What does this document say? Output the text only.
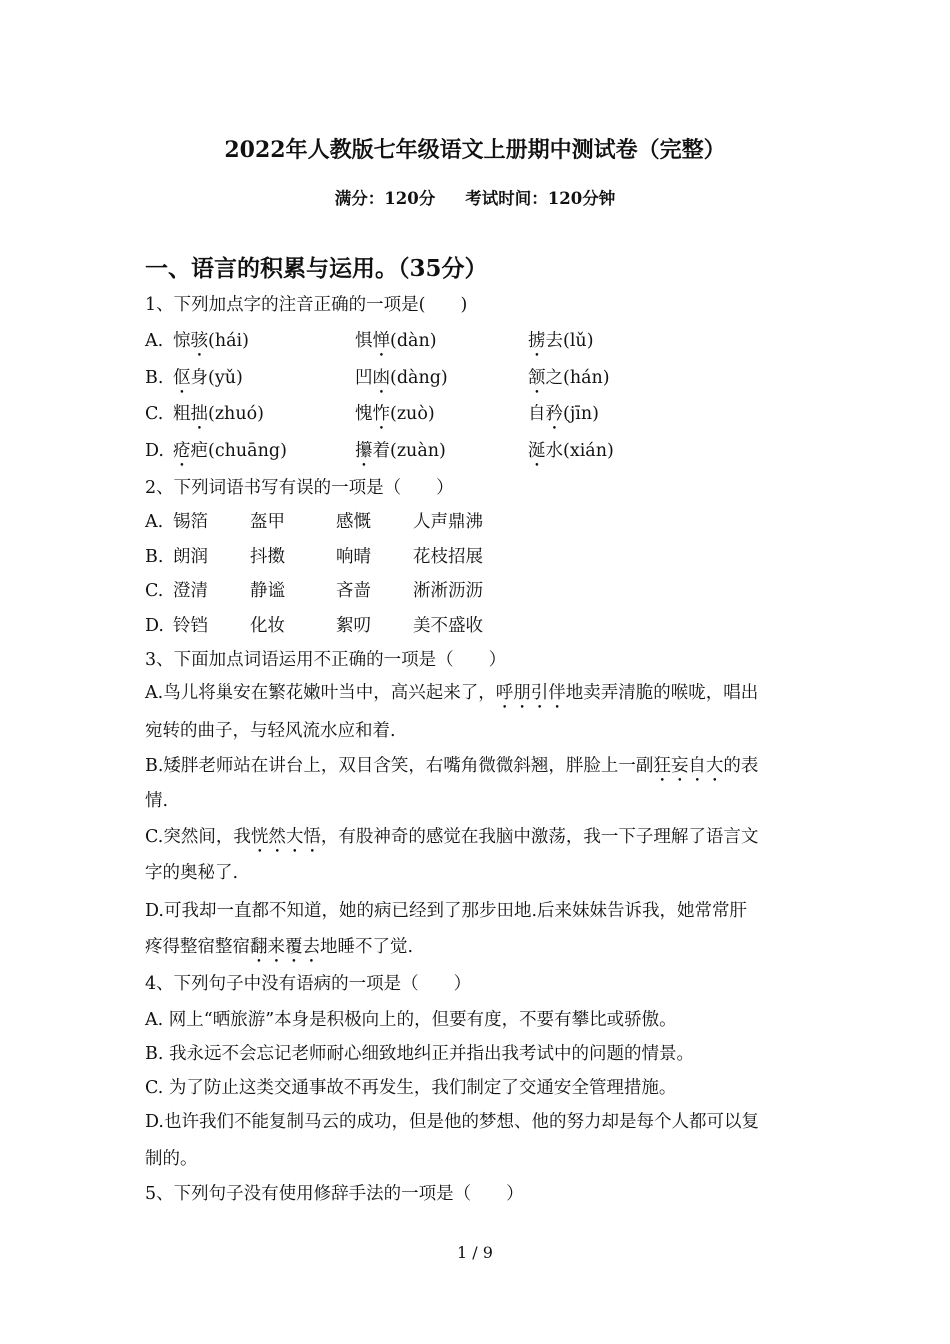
2022年人教版七年级语文上册期中测试卷（完整）
满分：120分 考试时间：120分钟
一、语言的积累与运用。（35分）
1、下列加点字的注音正确的一项是(　　)
A. 惊骇(hái)	惧惮(dàn)	掳去(lǔ)
B. 伛身(yǔ)	凹凼(dàng)	颔之(hán)
C. 粗拙(zhuó)	愧怍(zuò)	自矜(jīn)
D. 疮疤(chuāng)	攥着(zuàn)	涎水(xián)
2、下列词语书写有误的一项是（　　）
A. 锡箔 盔甲	感慨 人声鼎沸
B. 朗润 抖擞	响晴 花枝招展
C. 澄清 静谧	吝啬 淅淅沥沥
D. 铃铛 化妆	絮叨 美不盛收
3、下面加点词语运用不正确的一项是（　　）
A.鸟儿将巢安在繁花嫩叶当中，高兴起来了，呼朋引伴地卖弄清脆的喉咙，唱出
宛转的曲子，与轻风流水应和着.
B.矮胖老师站在讲台上，双目含笑，右嘴角微微斜翘，胖脸上一副狂妄自大的表
情.
C.突然间，我恍然大悟，有股神奇的感觉在我脑中激荡，我一下子理解了语言文
字的奥秘了.
D.可我却一直都不知道，她的病已经到了那步田地.后来妹妹告诉我，她常常肝
疼得整宿整宿翻来覆去地睡不了觉.
4、下列句子中没有语病的一项是（　　）
A. 网上“晒旅游”本身是积极向上的，但要有度，不要有攀比或骄傲。
B. 我永远不会忘记老师耐心细致地纠正并指出我考试中的问题的情景。
C. 为了防止这类交通事故不再发生，我们制定了交通安全管理措施。
D.也许我们不能复制马云的成功，但是他的梦想、他的努力却是每个人都可以复
制的。
5、下列句子没有使用修辞手法的一项是（　　）
1 / 9
